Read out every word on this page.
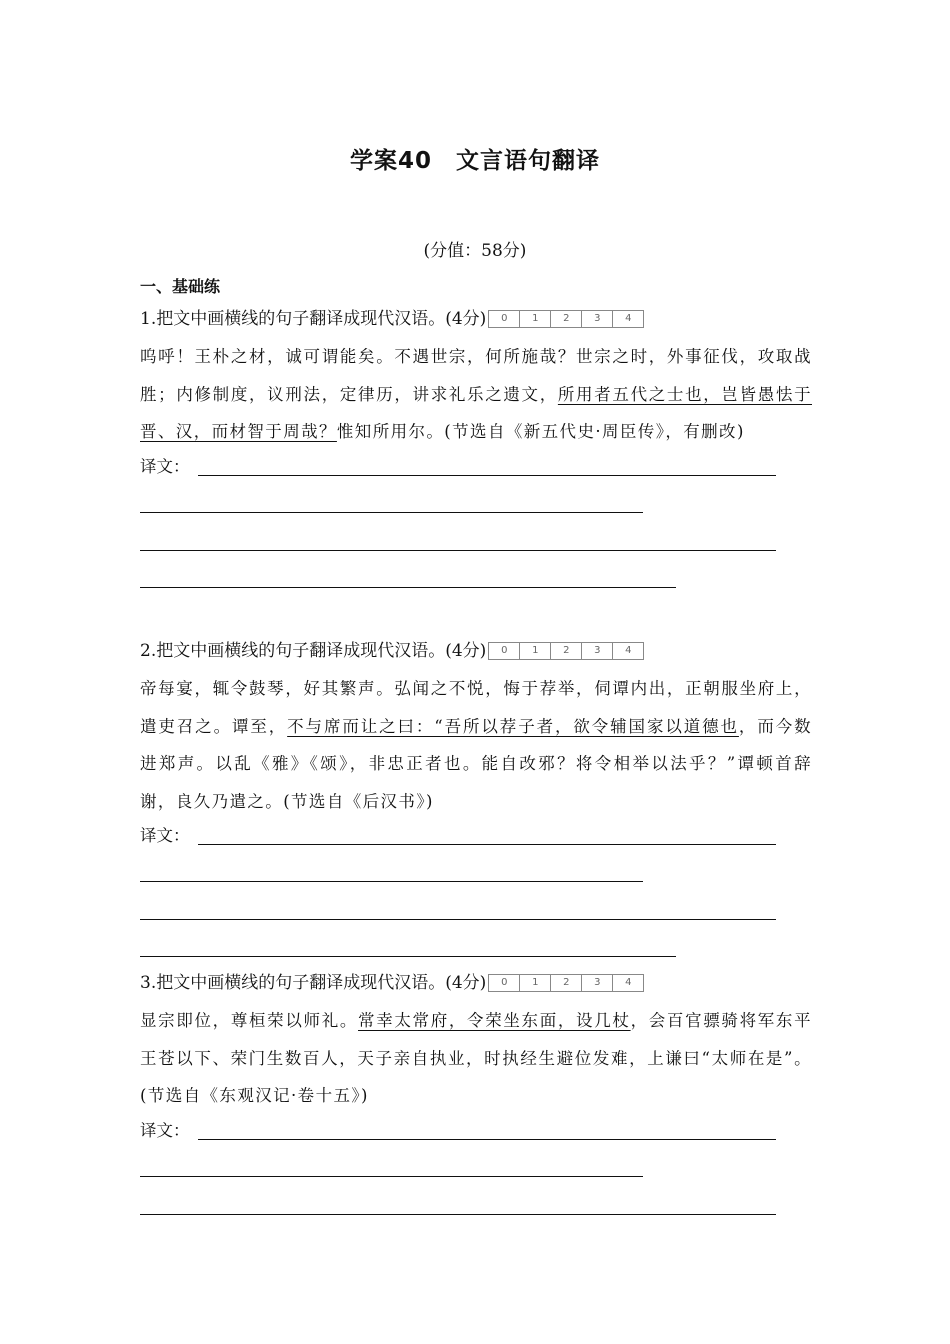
学案40　文言语句翻译
(分值：58分)
一、基础练
1.把文中画横线的句子翻译成现代汉语。(4分)	0	1	2	3	4
呜呼！王朴之材，诚可谓能矣。不遇世宗，何所施哉？世宗之时，外事征伐，攻取战胜；内修制度，议刑法，定律历，讲求礼乐之遗文，所用者五代之士也，岂皆愚怯于晋、汉，而材智于周哉？惟知所用尔。(节选自《新五代史·周臣传》，有删改)
译文：
2.把文中画横线的句子翻译成现代汉语。(4分)	0	1	2	3	4
帝每宴，辄令鼓琴，好其繁声。弘闻之不悦，悔于荐举，伺谭内出，正朝服坐府上，遣吏召之。谭至，不与席而让之曰：“吾所以荐子者，欲令辅国家以道德也，而今数进郑声。以乱《雅》《颂》，非忠正者也。能自改邪？将令相举以法乎？”谭顿首辞谢，良久乃遣之。(节选自《后汉书》)
译文：
3.把文中画横线的句子翻译成现代汉语。(4分)	0	1	2	3	4
显宗即位，尊桓荣以师礼。常幸太常府，令荣坐东面，设几杖，会百官骠骑将军东平王苍以下、荣门生数百人，天子亲自执业，时执经生避位发难，上谦曰“太师在是”。(节选自《东观汉记·卷十五》)
译文：
